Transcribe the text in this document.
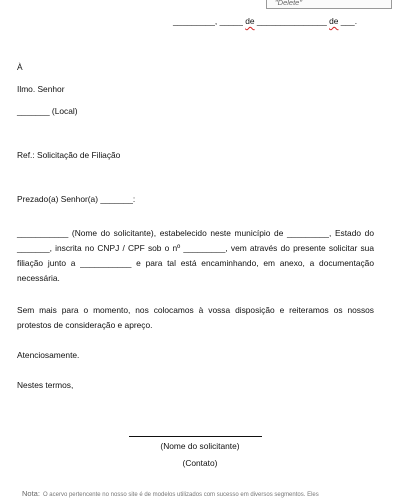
"Delete"
_________, _____ de _______________ de ___.
À
Ilmo. Senhor
_______ (Local)
Ref.: Solicitação de Filiação
Prezado(a) Senhor(a) _______:

___________ (Nome do solicitante), estabelecido neste município de _________, Estado do _______, inscrita no CNPJ / CPF sob o nº _________, vem através do presente solicitar sua filiação junto a ___________ e para tal está encaminhando, em anexo, a documentação necessária.

Sem mais para o momento, nos colocamos à vossa disposição e reiteramos os nossos protestos de consideração e apreço.

Atenciosamente.
Nestes termos,
(Nome do solicitante)
(Contato)
Nota: O acervo pertencente no nosso site é de modelos utilizados com sucesso em diversos segmentos. Eles
